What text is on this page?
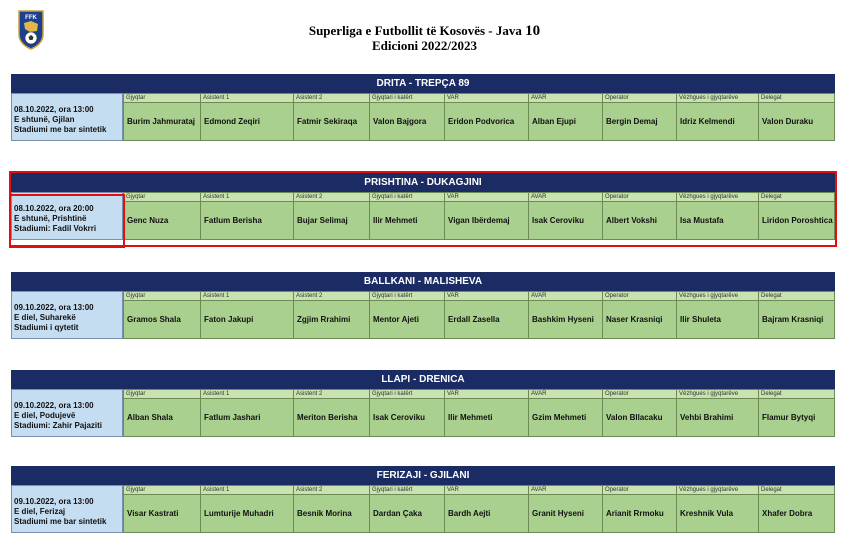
FFK
Superliga e Futbollit të Kosovës - Java 10
Edicioni 2022/2023
DRITA - TREPÇA 89
08.10.2022, ora 13:00
E shtunë, Gjilan
Stadiumi me bar sintetik
Gjyqtar
Burim Jahmurataj
Asistent 1
Edmond Zeqiri
Asistent 2
Fatmir Sekiraqa
Gjyqtari i katërt
Valon Bajgora
VAR
Eridon Podvorica
AVAR
Alban Ejupi
Operator
Bergin Demaj
Vëzhgues i gjyqtarëve
Idriz Kelmendi
Delegat
Valon Duraku
PRISHTINA - DUKAGJINI
08.10.2022, ora 20:00
E shtunë, Prishtinë
Stadiumi: Fadil Vokrri
Gjyqtar
Genc Nuza
Asistent 1
Fatlum Berisha
Asistent 2
Bujar Selimaj
Gjyqtari i katërt
Ilir Mehmeti
VAR
Vigan Ibërdemaj
AVAR
Isak Ceroviku
Operator
Albert Vokshi
Vëzhgues i gjyqtarëve
Isa Mustafa
Delegat
Liridon Poroshtica
BALLKANI - MALISHEVA
09.10.2022, ora 13:00
E diel, Suharekë
Stadiumi i qytetit
Gjyqtar
Gramos Shala
Asistent 1
Faton Jakupi
Asistent 2
Zgjim Rrahimi
Gjyqtari i katërt
Mentor Ajeti
VAR
Erdall Zasella
AVAR
Bashkim Hyseni
Operator
Naser Krasniqi
Vëzhgues i gjyqtarëve
Ilir Shuleta
Delegat
Bajram Krasniqi
LLAPI - DRENICA
09.10.2022, ora 13:00
E diel, Podujevë
Stadiumi: Zahir Pajaziti
Gjyqtar
Alban Shala
Asistent 1
Fatlum Jashari
Asistent 2
Meriton Berisha
Gjyqtari i katërt
Isak Ceroviku
VAR
Ilir Mehmeti
AVAR
Gzim Mehmeti
Operator
Valon Bllacaku
Vëzhgues i gjyqtarëve
Vehbi Brahimi
Delegat
Flamur Bytyqi
FERIZAJI - GJILANI
09.10.2022, ora 13:00
E diel, Ferizaj
Stadiumi me bar sintetik
Gjyqtar
Visar Kastrati
Asistent 1
Lumturije Muhadri
Asistent 2
Besnik Morina
Gjyqtari i katërt
Dardan Çaka
VAR
Bardh Aejti
AVAR
Granit Hyseni
Operator
Arianit Rrmoku
Vëzhgues i gjyqtarëve
Kreshnik Vula
Delegat
Xhafer Dobra
